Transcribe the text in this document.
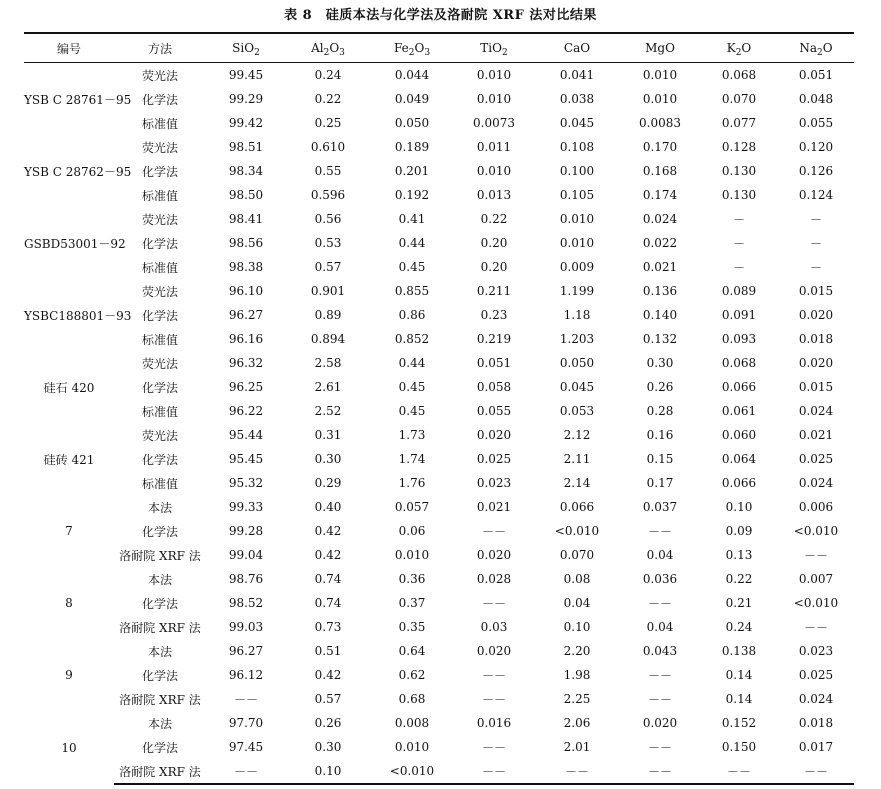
表 8　硅质本法与化学法及洛耐院 XRF 法对比结果
编号	方法	SiO$_2$	$Al_2O_3$	$Fe_2O_3$	TiO$_2$	CaO	MgO	$K_2O$	$Na_2O$
YSB C 28761－95	荧光法	99.45	0.24	0.044	0.010	0.041	0.010	0.068	0.051
	化学法	99.29	0.22	0.049	0.010	0.038	0.010	0.070	0.048
	标准值	99.42	0.25	0.050	0.0073	0.045	0.0083	0.077	0.055
YSB C 28762－95	荧光法	98.51	0.610	0.189	0.011	0.108	0.170	0.128	0.120
	化学法	98.34	0.55	0.201	0.010	0.100	0.168	0.130	0.126
	标准值	98.50	0.596	0.192	0.013	0.105	0.174	0.130	0.124
GSBD53001－92	荧光法	98.41	0.56	0.41	0.22	0.010	0.024	－	－
	化学法	98.56	0.53	0.44	0.20	0.010	0.022	－	－
	标准值	98.38	0.57	0.45	0.20	0.009	0.021	－	－
YSBC188801－93	荧光法	96.10	0.901	0.855	0.211	1.199	0.136	0.089	0.015
	化学法	96.27	0.89	0.86	0.23	1.18	0.140	0.091	0.020
	标准值	96.16	0.894	0.852	0.219	1.203	0.132	0.093	0.018
硅石 420	荧光法	96.32	2.58	0.44	0.051	0.050	0.30	0.068	0.020
	化学法	96.25	2.61	0.45	0.058	0.045	0.26	0.066	0.015
	标准值	96.22	2.52	0.45	0.055	0.053	0.28	0.061	0.024
硅砖 421	荧光法	95.44	0.31	1.73	0.020	2.12	0.16	0.060	0.021
	化学法	95.45	0.30	1.74	0.025	2.11	0.15	0.064	0.025
	标准值	95.32	0.29	1.76	0.023	2.14	0.17	0.066	0.024
7	本法	99.33	0.40	0.057	0.021	0.066	0.037	0.10	0.006
	化学法	99.28	0.42	0.06	－－	<0.010	－－	0.09	<0.010
	洛耐院 XRF 法	99.04	0.42	0.010	0.020	0.070	0.04	0.13	－－
8	本法	98.76	0.74	0.36	0.028	0.08	0.036	0.22	0.007
	化学法	98.52	0.74	0.37	－－	0.04	－－	0.21	<0.010
	洛耐院 XRF 法	99.03	0.73	0.35	0.03	0.10	0.04	0.24	－－
9	本法	96.27	0.51	0.64	0.020	2.20	0.043	0.138	0.023
	化学法	96.12	0.42	0.62	－－	1.98	－－	0.14	0.025
	洛耐院 XRF 法	－－	0.57	0.68	－－	2.25	－－	0.14	0.024
10	本法	97.70	0.26	0.008	0.016	2.06	0.020	0.152	0.018
	化学法	97.45	0.30	0.010	－－	2.01	－－	0.150	0.017
	洛耐院 XRF 法	－－	0.10	<0.010	－－	－－	－－	－－	－－
